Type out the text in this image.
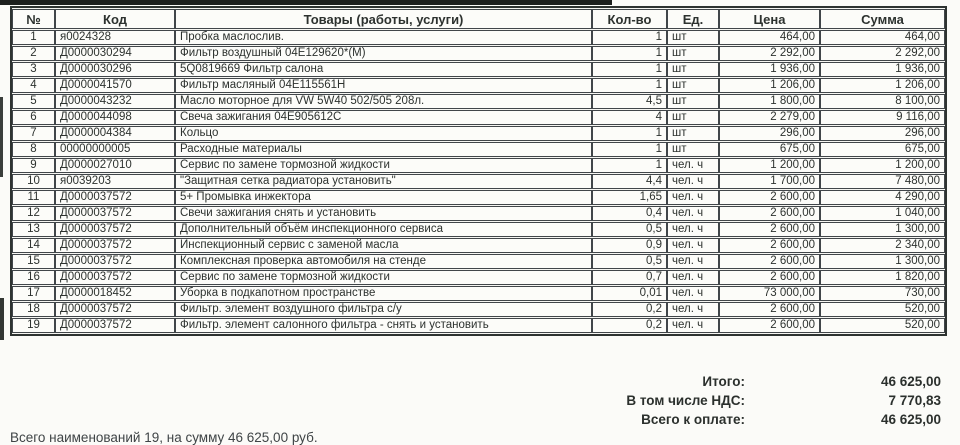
№	Код	Товары (работы, услуги)	Кол-во	Ед.	Цена	Сумма
1	я0024328	Пробка маслослив.	1	шт	464,00	464,00
2	Д0000030294	Фильтр воздушный 04E129620*(М)	1	шт	2 292,00	2 292,00
3	Д0000030296	5Q0819669 Фильтр салона	1	шт	1 936,00	1 936,00
4	Д0000041570	Фильтр масляный 04E115561H	1	шт	1 206,00	1 206,00
5	Д0000043232	Масло моторное для VW 5W40 502/505 208л.	4,5	шт	1 800,00	8 100,00
6	Д0000044098	Свеча зажигания 04E905612C	4	шт	2 279,00	9 116,00
7	Д0000004384	Кольцо	1	шт	296,00	296,00
8	00000000005	Расходные материалы	1	шт	675,00	675,00
9	Д0000027010	Сервис по замене тормозной жидкости	1	чел. ч	1 200,00	1 200,00
10	я0039203	"Защитная сетка радиатора установить"	4,4	чел. ч	1 700,00	7 480,00
11	Д0000037572	5+ Промывка инжектора	1,65	чел. ч	2 600,00	4 290,00
12	Д0000037572	Свечи зажигания снять и установить	0,4	чел. ч	2 600,00	1 040,00
13	Д0000037572	Дополнительный объём инспекционного сервиса	0,5	чел. ч	2 600,00	1 300,00
14	Д0000037572	Инспекционный сервис с заменой масла	0,9	чел. ч	2 600,00	2 340,00
15	Д0000037572	Комплексная проверка автомобиля на стенде	0,5	чел. ч	2 600,00	1 300,00
16	Д0000037572	Сервис по замене тормозной жидкости	0,7	чел. ч	2 600,00	1 820,00
17	Д0000018452	Уборка в подкапотном пространстве	0,01	чел. ч	73 000,00	730,00
18	Д0000037572	Фильтр. элемент воздушного фильтра с/у	0,2	чел. ч	2 600,00	520,00
19	Д0000037572	Фильтр. элемент салонного фильтра - снять и установить	0,2	чел. ч	2 600,00	520,00
Итого:	46 625,00
В том числе НДС:	7 770,83
Всего к оплате:	46 625,00
Всего наименований 19, на сумму 46 625,00 руб.
